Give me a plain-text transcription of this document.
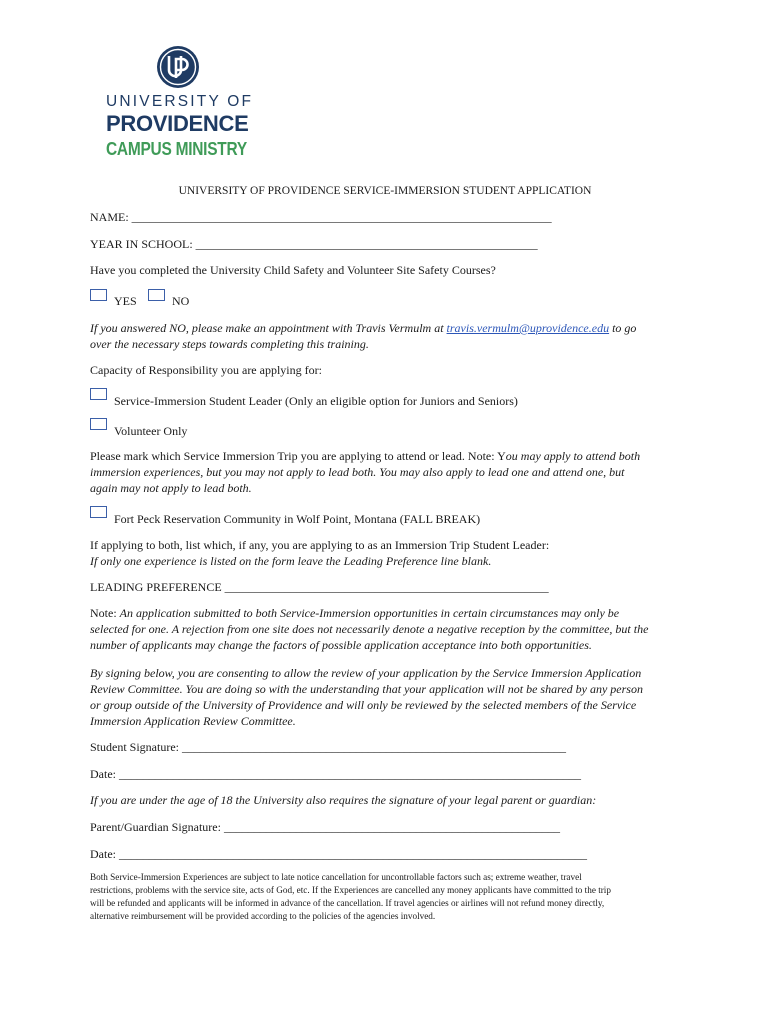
UNIVERSITY OF
PROVIDENCE
CAMPUS MINISTRY
UNIVERSITY OF PROVIDENCE SERVICE-IMMERSION STUDENT APPLICATION
NAME: ______________________________________________________________________
YEAR IN SCHOOL: _________________________________________________________
Have you completed the University Child Safety and Volunteer Site Safety Courses?
YES	NO
If you answered NO, please make an appointment with Travis Vermulm at travis.vermulm@uprovidence.edu to go
over the necessary steps towards completing this training.
Capacity of Responsibility you are applying for:
Service-Immersion Student Leader (Only an eligible option for Juniors and Seniors)
Volunteer Only
Please mark which Service Immersion Trip you are applying to attend or lead. Note: You may apply to attend both
immersion experiences, but you may not apply to lead both. You may also apply to lead one and attend one, but
again may not apply to lead both.
Fort Peck Reservation Community in Wolf Point, Montana (FALL BREAK)
If applying to both, list which, if any, you are applying to as an Immersion Trip Student Leader:
If only one experience is listed on the form leave the Leading Preference line blank.
LEADING PREFERENCE ______________________________________________________
Note: An application submitted to both Service-Immersion opportunities in certain circumstances may only be
selected for one. A rejection from one site does not necessarily denote a negative reception by the committee, but the
number of applicants may change the factors of possible application acceptance into both opportunities.
By signing below, you are consenting to allow the review of your application by the Service Immersion Application
Review Committee. You are doing so with the understanding that your application will not be shared by any person
or group outside of the University of Providence and will only be reviewed by the selected members of the Service
Immersion Application Review Committee.
Student Signature: ________________________________________________________________
Date: _____________________________________________________________________________
If you are under the age of 18 the University also requires the signature of your legal parent or guardian:
Parent/Guardian Signature: ________________________________________________________
Date: ______________________________________________________________________________
Both Service-Immersion Experiences are subject to late notice cancellation for uncontrollable factors such as; extreme weather, travel
restrictions, problems with the service site, acts of God, etc. If the Experiences are cancelled any money applicants have committed to the trip
will be refunded and applicants will be informed in advance of the cancellation. If travel agencies or airlines will not refund money directly,
alternative reimbursement will be provided according to the policies of the agencies involved.
